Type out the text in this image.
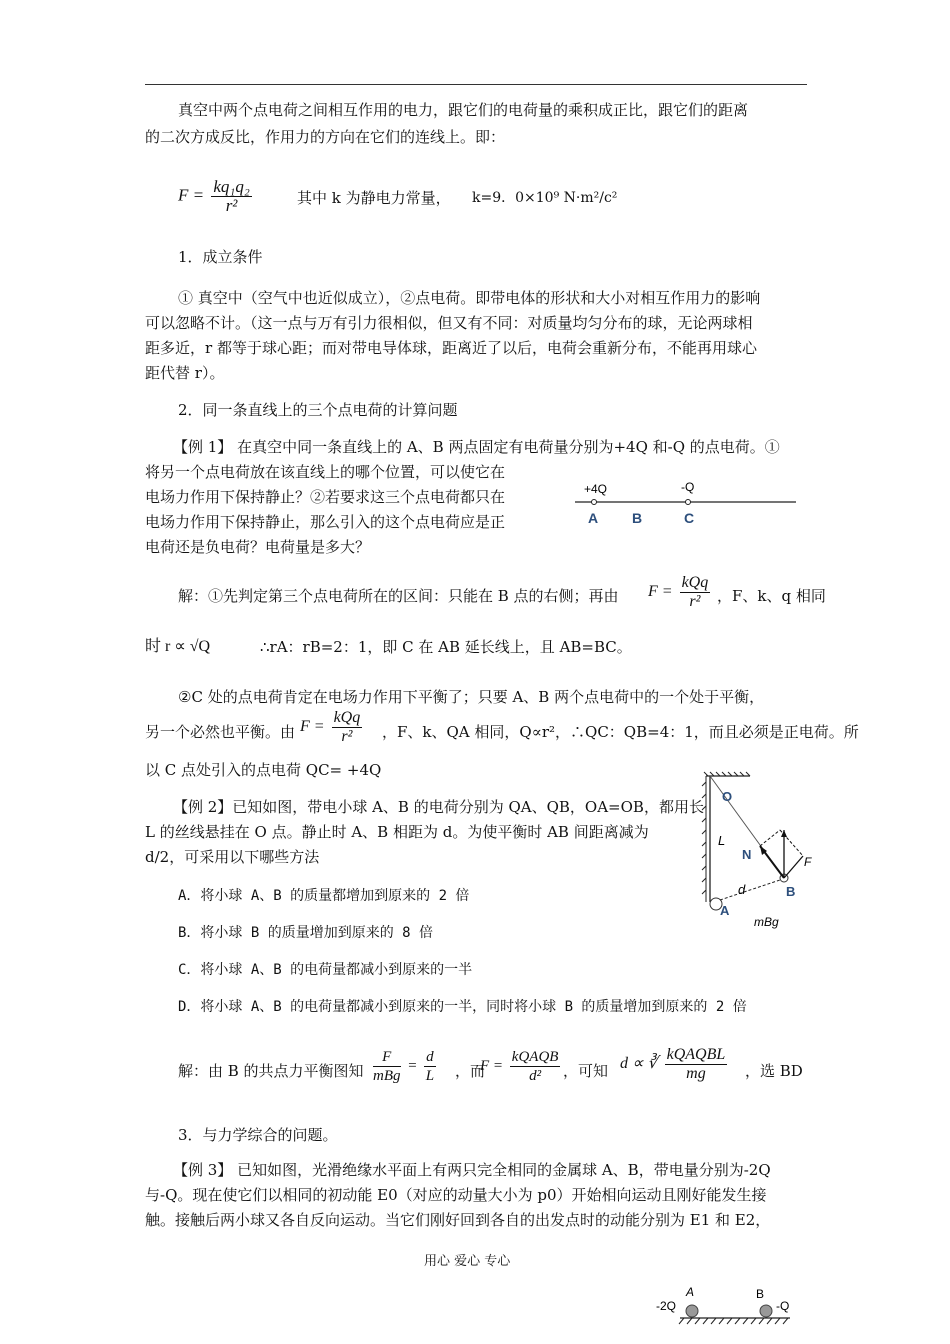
真空中两个点电荷之间相互作用的电力，跟它们的电荷量的乘积成正比，跟它们的距离
的二次方成反比，作用力的方向在它们的连线上。即：
$F = \frac{\text{kq₁q₂}}{\text{r²}}$	其中 k 为静电力常量， k=9．0×10⁹ N·m²/c²
1．成立条件
① 真空中（空气中也近似成立），②点电荷。即带电体的形状和大小对相互作用力的影响
可以忽略不计。（这一点与万有引力很相似，但又有不同：对质量均匀分布的球，无论两球相
距多近，r 都等于球心距；而对带电导体球，距离近了以后，电荷会重新分布，不能再用球心
距代替 r）。
2．同一条直线上的三个点电荷的计算问题
【例 1】 在真空中同一条直线上的 A、B 两点固定有电荷量分别为+4Q 和-Q 的点电荷。①
将另一个点电荷放在该直线上的哪个位置，可以使它在
电场力作用下保持静止？②若要求这三个点电荷都只在
电场力作用下保持静止，那么引入的这个点电荷应是正
电荷还是负电荷？电荷量是多大？
+4Q	-Q
A B	C
解：①先判定第三个点电荷所在的区间：只能在 B 点的右侧；再由 $F = \frac{\text{kQq}}{\text{r²}}$ ，F、k、q 相同
时 r ∝ √Q	∴rA：rB=2：1，即 C 在 AB 延长线上，且 AB=BC。
②C 处的点电荷肯定在电场力作用下平衡了；只要 A、B 两个点电荷中的一个处于平衡，
另一个必然也平衡。由 $F = \frac{\text{kQq}}{\text{r²}}$ ，F、k、QA 相同，Q∝r²，∴QC：QB=4：1，而且必须是正电荷。所
以 C 点处引入的点电荷 QC= +4Q
【例 2】已知如图，带电小球 A、B 的电荷分别为 QA、QB，OA=OB，都用长
L 的丝线悬挂在 O 点。静止时 A、B 相距为 d。为使平衡时 AB 间距离减为
d/2，可采用以下哪些方法
O
L
N	F
d
A
B
mBg
A．将小球 A、B 的质量都增加到原来的 2 倍
B．将小球 B 的质量增加到原来的 8 倍
C．将小球 A、B 的电荷量都减小到原来的一半
D．将小球 A、B 的电荷量都减小到原来的一半，同时将小球 B 的质量增加到原来的 2 倍
解：由 B 的共点力平衡图知 $\frac{F}{\text{mBg}} = \frac{d}{L}$ ，而
$F = \frac{\text{kQAQB}}{\text{d²}}$ ，可知 d ∝ ∛ $\frac{\text{kQAQBL}}{mg}$ ，选 BD
3．与力学综合的问题。
【例 3】 已知如图，光滑绝缘水平面上有两只完全相同的金属球 A、B，带电量分别为-2Q
与-Q。现在使它们以相同的初动能 E0（对应的动量大小为 p0）开始相向运动且刚好能发生接
触。接触后两小球又各自反向运动。当它们刚好回到各自的出发点时的动能分别为 E1 和 E2，
用心 爱心 专心
A	B
-2Q	-Q
